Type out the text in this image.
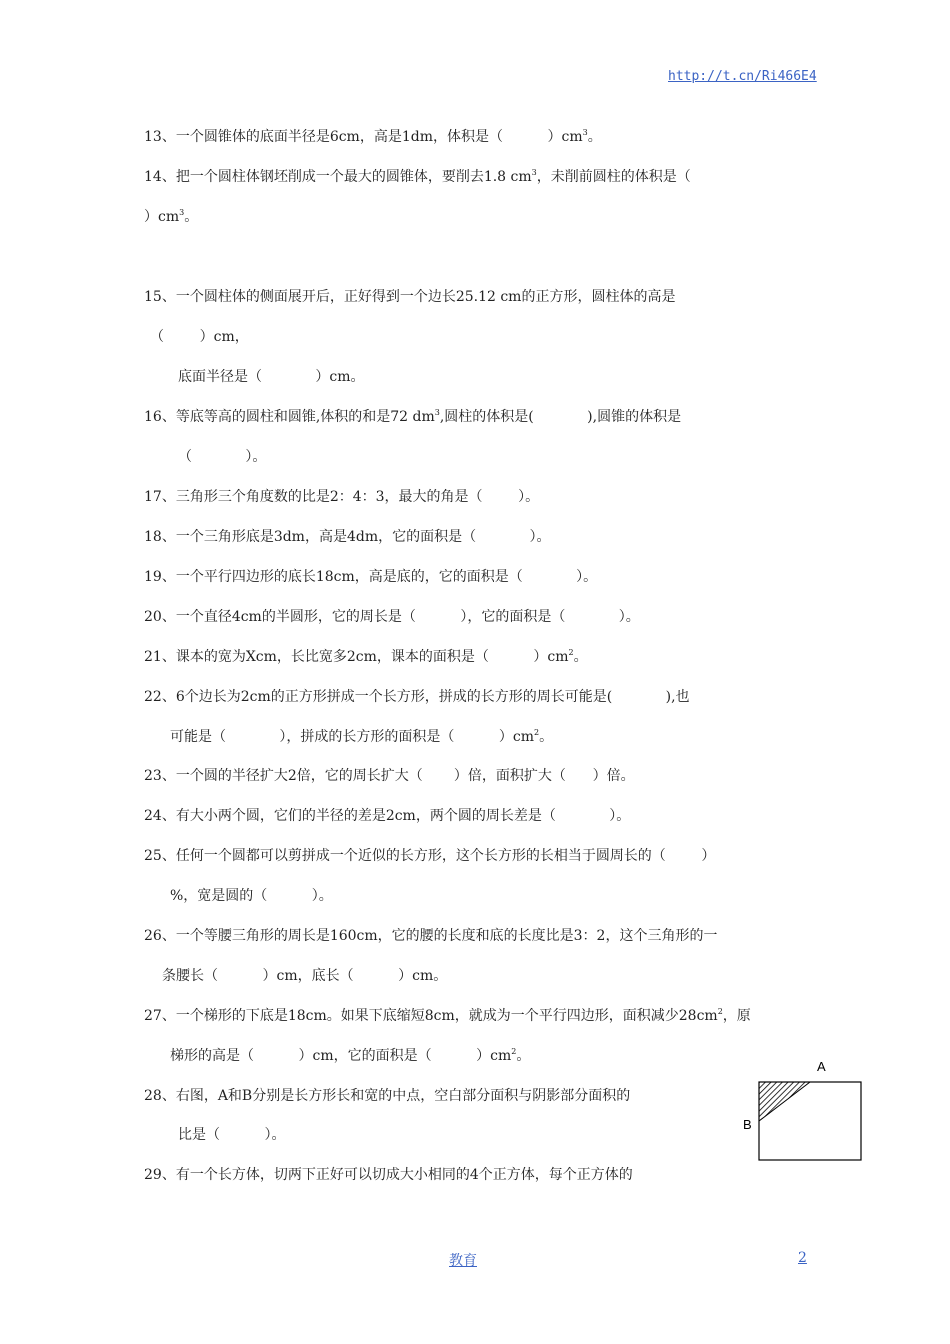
http://t.cn/Ri466E4
13、一个圆锥体的底面半径是6cm，高是1dm，体积是（          ）$cm^3$。
14、把一个圆柱体钢坯削成一个最大的圆锥体，要削去1.8 $cm^3$，未削前圆柱的体积是（
）$cm^3$。
15、一个圆柱体的侧面展开后，正好得到一个边长25.12 cm的正方形，圆柱体的高是
（        ）cm，
底面半径是（            ）cm。
16、等底等高的圆柱和圆锥,体积的和是72 $dm^3$,圆柱的体积是(            ),圆锥的体积是
（            ）。
17、三角形三个角度数的比是2：4：3，最大的角是（        ）。
18、一个三角形底是3dm，高是4dm，它的面积是（            ）。
19、一个平行四边形的底长18cm，高是底的，它的面积是（            ）。
20、一个直径4cm的半圆形，它的周长是（          ），它的面积是（            ）。
21、课本的宽为Xcm，长比宽多2cm，课本的面积是（          ）$cm^2$。
22、6个边长为2cm的正方形拼成一个长方形，拼成的长方形的周长可能是(            ),也
可能是（            ），拼成的长方形的面积是（          ）$cm^2$。
23、一个圆的半径扩大2倍，它的周长扩大（       ）倍，面积扩大（      ）倍。
24、有大小两个圆，它们的半径的差是2cm，两个圆的周长差是（            ）。
25、任何一个圆都可以剪拼成一个近似的长方形，这个长方形的长相当于圆周长的（        ）
%，宽是圆的（          ）。
26、一个等腰三角形的周长是160cm，它的腰的长度和底的长度比是3：2，这个三角形的一
条腰长（          ）cm，底长（          ）cm。
27、一个梯形的下底是18cm。如果下底缩短8cm，就成为一个平行四边形，面积减少$28cm^2$，原
梯形的高是（          ）cm，它的面积是（          ）$cm^2$。
28、右图，A和B分别是长方形长和宽的中点，空白部分面积与阴影部分面积的
比是（          ）。
29、有一个长方体，切两下正好可以切成大小相同的4个正方体，每个正方体的
A
B
教育	2
